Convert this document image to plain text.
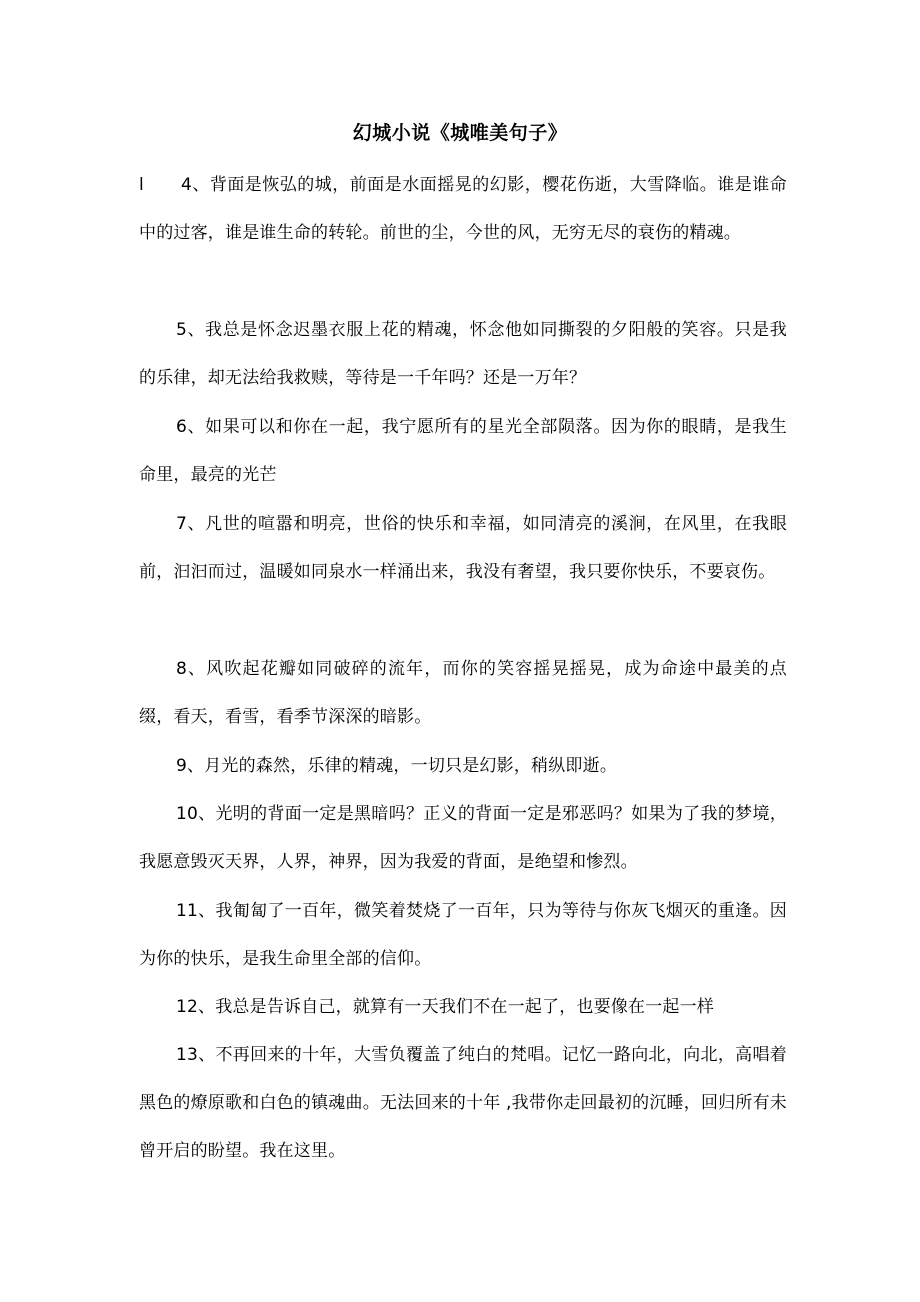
幻城小说《城唯美句子》
l	4、背面是恢弘的城，前面是水面摇晃的幻影，樱花伤逝，大雪降临。谁是谁命中的过客，谁是谁生命的转轮。前世的尘，今世的风，无穷无尽的衰伤的精魂。
5、我总是怀念迟墨衣服上花的精魂，怀念他如同撕裂的夕阳般的笑容。只是我的乐律，却无法给我救赎，等待是一千年吗？还是一万年？
6、如果可以和你在一起，我宁愿所有的星光全部陨落。因为你的眼睛，是我生命里，最亮的光芒
7、凡世的喧嚣和明亮，世俗的快乐和幸福，如同清亮的溪涧，在风里，在我眼前，汩汩而过，温暖如同泉水一样涌出来，我没有奢望，我只要你快乐，不要哀伤。
8、风吹起花瓣如同破碎的流年，而你的笑容摇晃摇晃，成为命途中最美的点缀，看天，看雪，看季节深深的暗影。
9、月光的森然，乐律的精魂，一切只是幻影，稍纵即逝。
10、光明的背面一定是黑暗吗？正义的背面一定是邪恶吗？如果为了我的梦境，我愿意毁灭天界，人界，神界，因为我爱的背面，是绝望和惨烈。
11、我匍匐了一百年，微笑着焚烧了一百年，只为等待与你灰飞烟灭的重逢。因为你的快乐，是我生命里全部的信仰。
12、我总是告诉自己，就算有一天我们不在一起了，也要像在一起一样
13、不再回来的十年，大雪负覆盖了纯白的梵唱。记忆一路向北，向北，高唱着黑色的燎原歌和白色的镇魂曲。无法回来的十年 ,我带你走回最初的沉睡，回归所有未曾开启的盼望。我在这里。
